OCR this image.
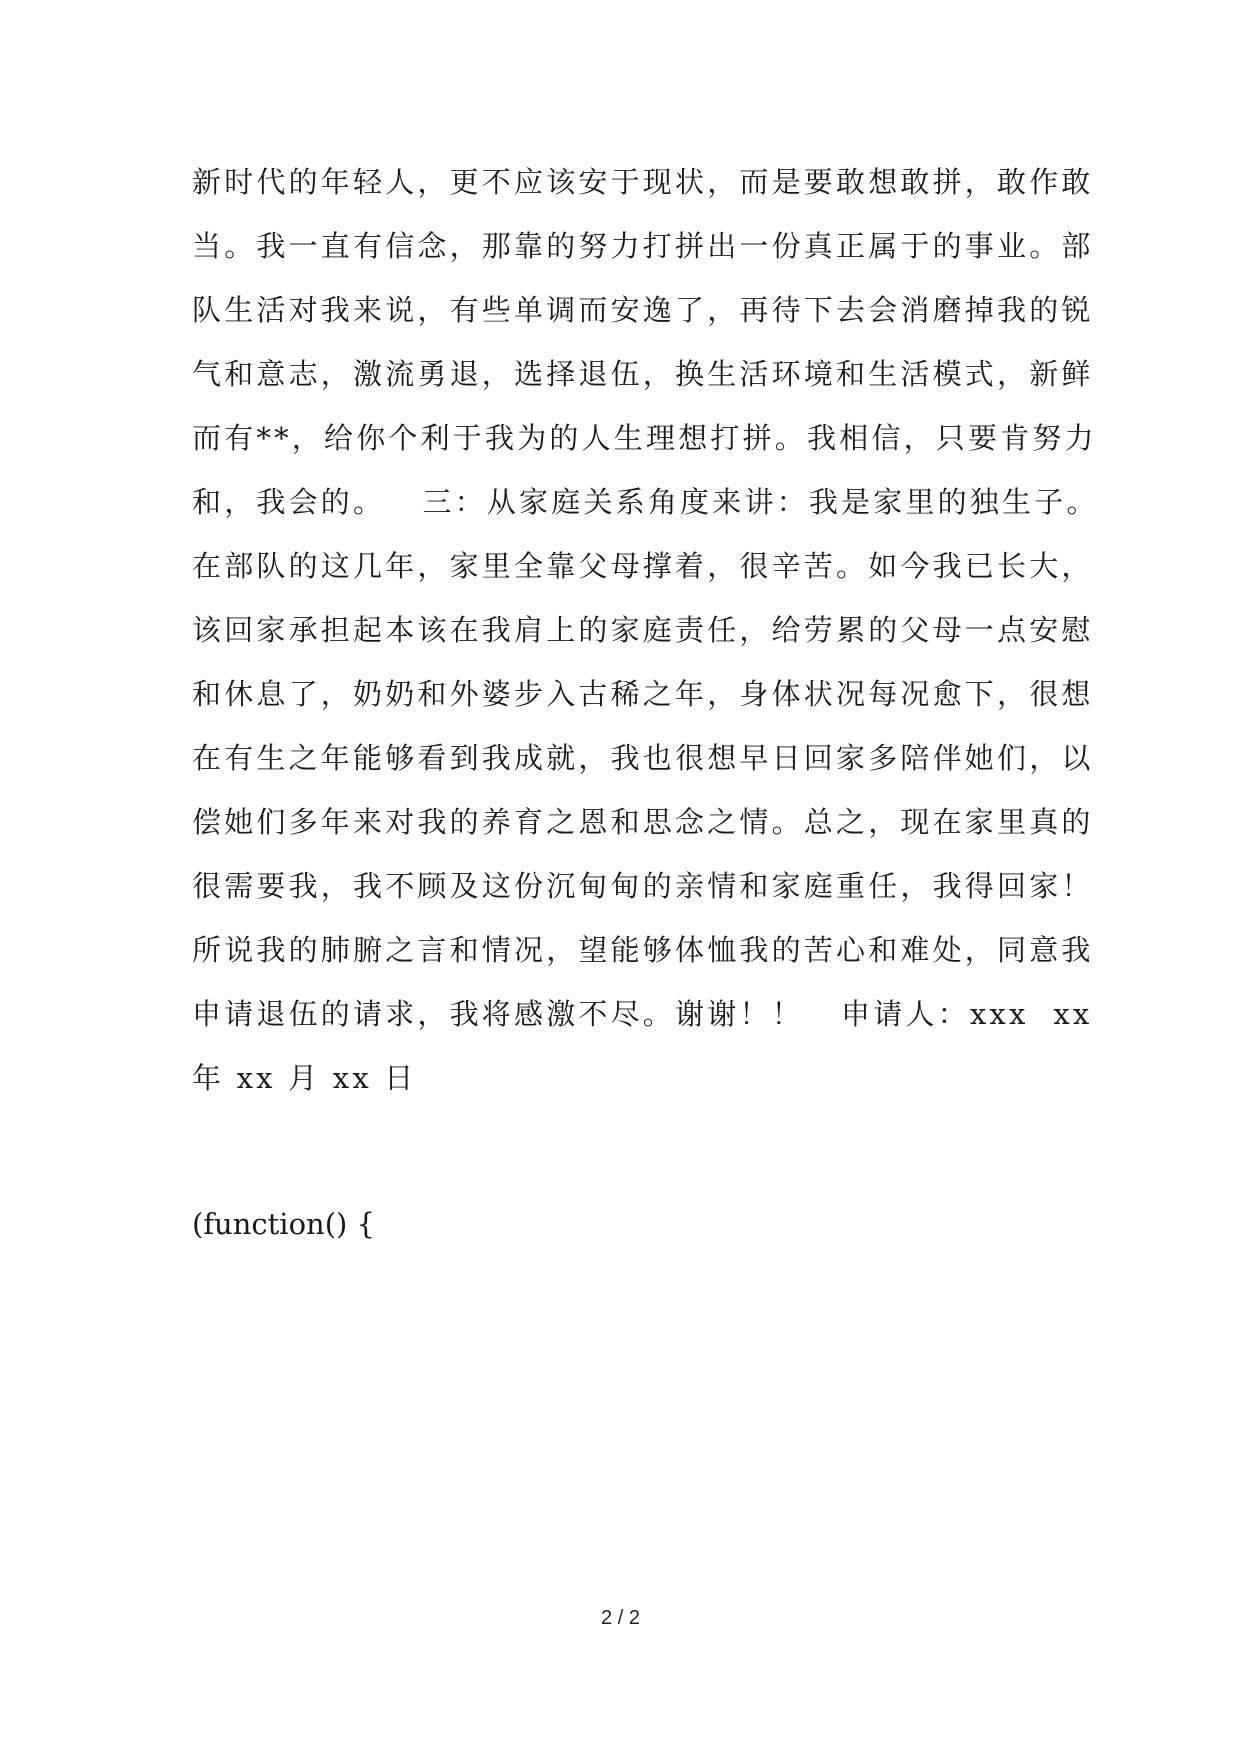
新时代的年轻人，更不应该安于现状，而是要敢想敢拼，敢作敢
当。我一直有信念，那靠的努力打拼出一份真正属于的事业。部
队生活对我来说，有些单调而安逸了，再待下去会消磨掉我的锐
气和意志，激流勇退，选择退伍，换生活环境和生活模式，新鲜
而有**，给你个利于我为的人生理想打拼。我相信，只要肯努力
和，我会的。   三：从家庭关系角度来讲：我是家里的独生子。
在部队的这几年，家里全靠父母撑着，很辛苦。如今我已长大，
该回家承担起本该在我肩上的家庭责任，给劳累的父母一点安慰
和休息了，奶奶和外婆步入古稀之年，身体状况每况愈下，很想
在有生之年能够看到我成就，我也很想早日回家多陪伴她们，以
偿她们多年来对我的养育之恩和思念之情。总之，现在家里真的
很需要我，我不顾及这份沉甸甸的亲情和家庭重任，我得回家！
所说我的肺腑之言和情况，望能够体恤我的苦心和难处，同意我
申请退伍的请求，我将感激不尽。谢谢！！   申请人：xxx  xx
年 xx 月 xx 日

(function() {

2 / 2
